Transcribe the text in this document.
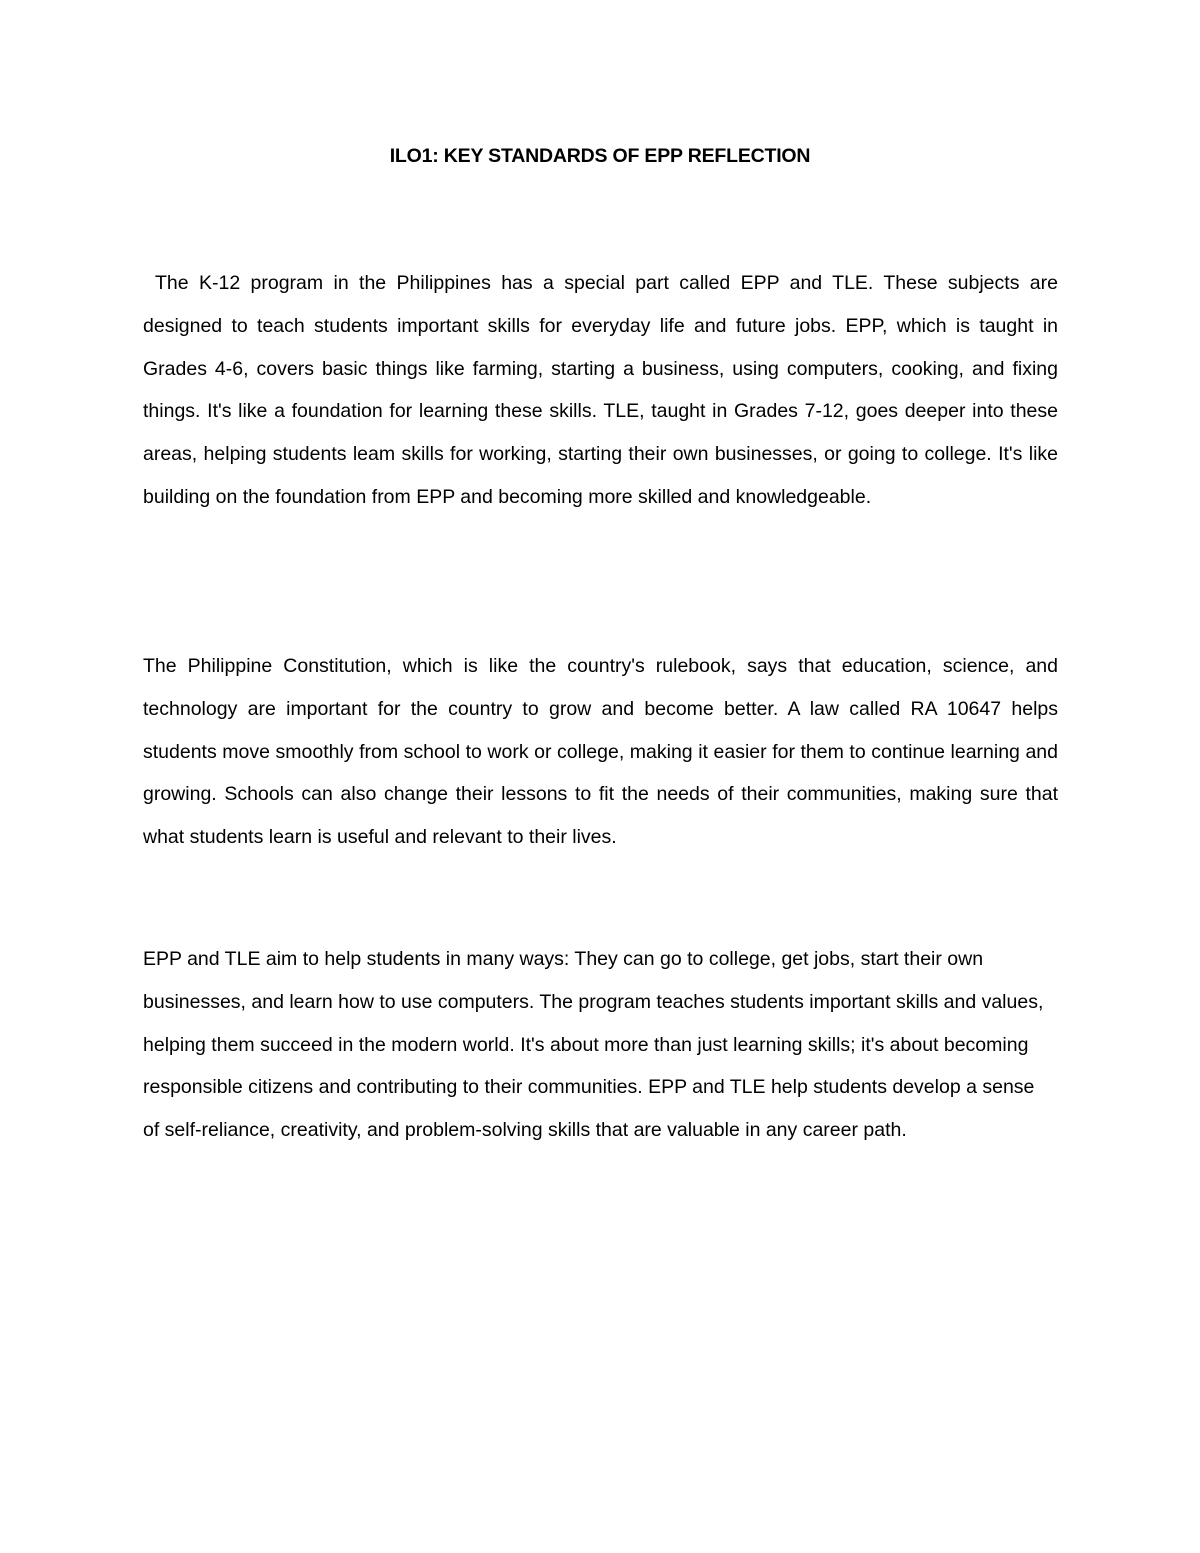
ILO1: KEY STANDARDS OF EPP REFLECTION

The K-12 program in the Philippines has a special part called EPP and TLE. These subjects are designed to teach students important skills for everyday life and future jobs. EPP, which is taught in Grades 4-6, covers basic things like farming, starting a business, using computers, cooking, and fixing things. It's like a foundation for learning these skills. TLE, taught in Grades 7-12, goes deeper into these areas, helping students leam skills for working, starting their own businesses, or going to college. It's like building on the foundation from EPP and becoming more skilled and knowledgeable.

The Philippine Constitution, which is like the country's rulebook, says that education, science, and technology are important for the country to grow and become better. A law called RA 10647 helps students move smoothly from school to work or college, making it easier for them to continue learning and growing. Schools can also change their lessons to fit the needs of their communities, making sure that what students learn is useful and relevant to their lives.

EPP and TLE aim to help students in many ways: They can go to college, get jobs, start their own businesses, and learn how to use computers. The program teaches students important skills and values, helping them succeed in the modern world. It's about more than just learning skills; it's about becoming responsible citizens and contributing to their communities. EPP and TLE help students develop a sense of self-reliance, creativity, and problem-solving skills that are valuable in any career path.
